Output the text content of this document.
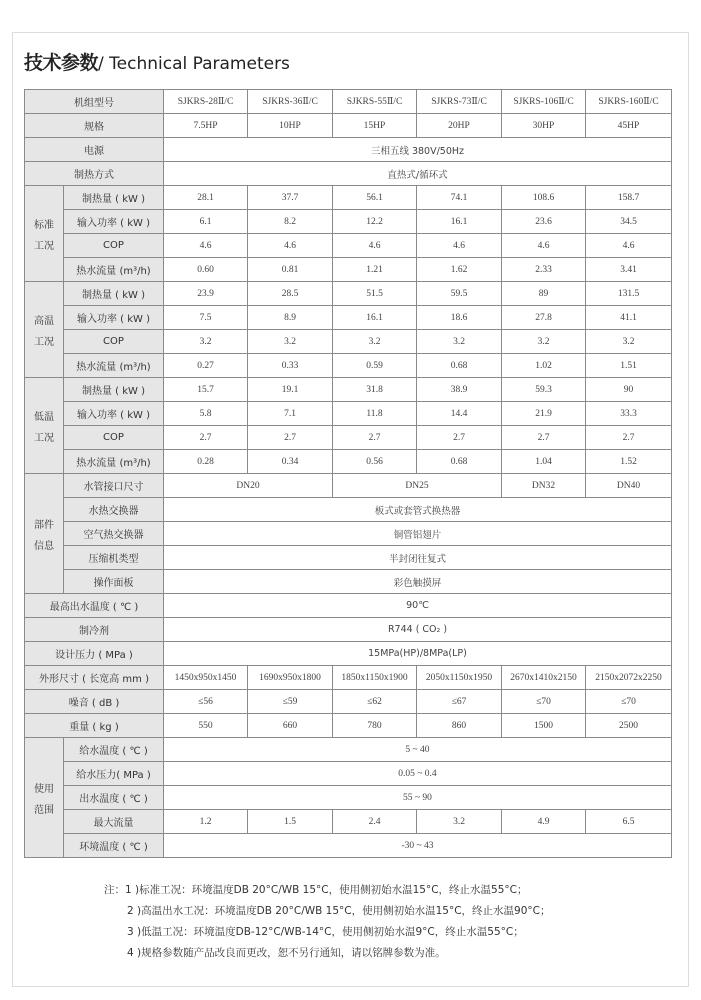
技术参数/ Technical Parameters
机组型号		SJKRS-28Ⅱ/C	SJKRS-36Ⅱ/C	SJKRS-55Ⅱ/C	SJKRS-73Ⅱ/C	SJKRS-106Ⅱ/C	SJKRS-160Ⅱ/C
规格		7.5HP	10HP	15HP	20HP	30HP	45HP
电源		三相五线 380V/50Hz					
制热方式		直热式/循环式					

标准
工况	制热量 ( kW )	28.1	37.7	56.1	74.1	108.6	158.7
	输入功率 ( kW )	6.1	8.2	12.2	16.1	23.6	34.5
	COP	4.6	4.6	4.6	4.6	4.6	4.6
	热水流量 (m³/h)	0.60	0.81	1.21	1.62	2.33	3.41

高温
工况	制热量 ( kW )	23.9	28.5	51.5	59.5	89	131.5
	输入功率 ( kW )	7.5	8.9	16.1	18.6	27.8	41.1
	COP	3.2	3.2	3.2	3.2	3.2	3.2
	热水流量 (m³/h)	0.27	0.33	0.59	0.68	1.02	1.51

低温
工况	制热量 ( kW )	15.7	19.1	31.8	38.9	59.3	90
	输入功率 ( kW )	5.8	7.1	11.8	14.4	21.9	33.3
	COP	2.7	2.7	2.7	2.7	2.7	2.7
	热水流量 (m³/h)	0.28	0.34	0.56	0.68	1.04	1.52

部件
信息	水管接口尺寸	DN20		DN25		DN32	DN40
	水热交换器	板式或套管式换热器					
	空气热交换器	铜管铝翅片					
	压缩机类型	半封闭往复式					
	操作面板	彩色触摸屏					
最高出水温度 ( ℃ )		90℃					
制冷剂		R744 ( CO₂ )					
设计压力 ( MPa )		15MPa(HP)/8MPa(LP)					
外形尺寸 ( 长宽高 mm )		1450x950x1450	1690x950x1800	1850x1150x1900	2050x1150x1950	2670x1410x2150	2150x2072x2250
噪音 ( dB )		≤56	≤59	≤62	≤67	≤70	≤70
重量 ( kg )		550	660	780	860	1500	2500

使用
范围	给水温度 ( ℃ )	5 ~ 40					
	给水压力( MPa )	0.05 ~ 0.4					
	出水温度 ( ℃ )	55 ~ 90					
	最大流量	1.2	1.5	2.4	3.2	4.9	6.5
	环境温度 ( ℃ )	-30 ~ 43					
注：1 )标准工况：环境温度DB 20°C/WB 15°C，使用侧初始水温15°C，终止水温55°C；
2 )高温出水工况：环境温度DB 20°C/WB 15°C，使用侧初始水温15°C，终止水温90°C；
3 )低温工况：环境温度DB-12°C/WB-14°C，使用侧初始水温9°C，终止水温55°C；
4 )规格参数随产品改良而更改，恕不另行通知，请以铭牌参数为准。
